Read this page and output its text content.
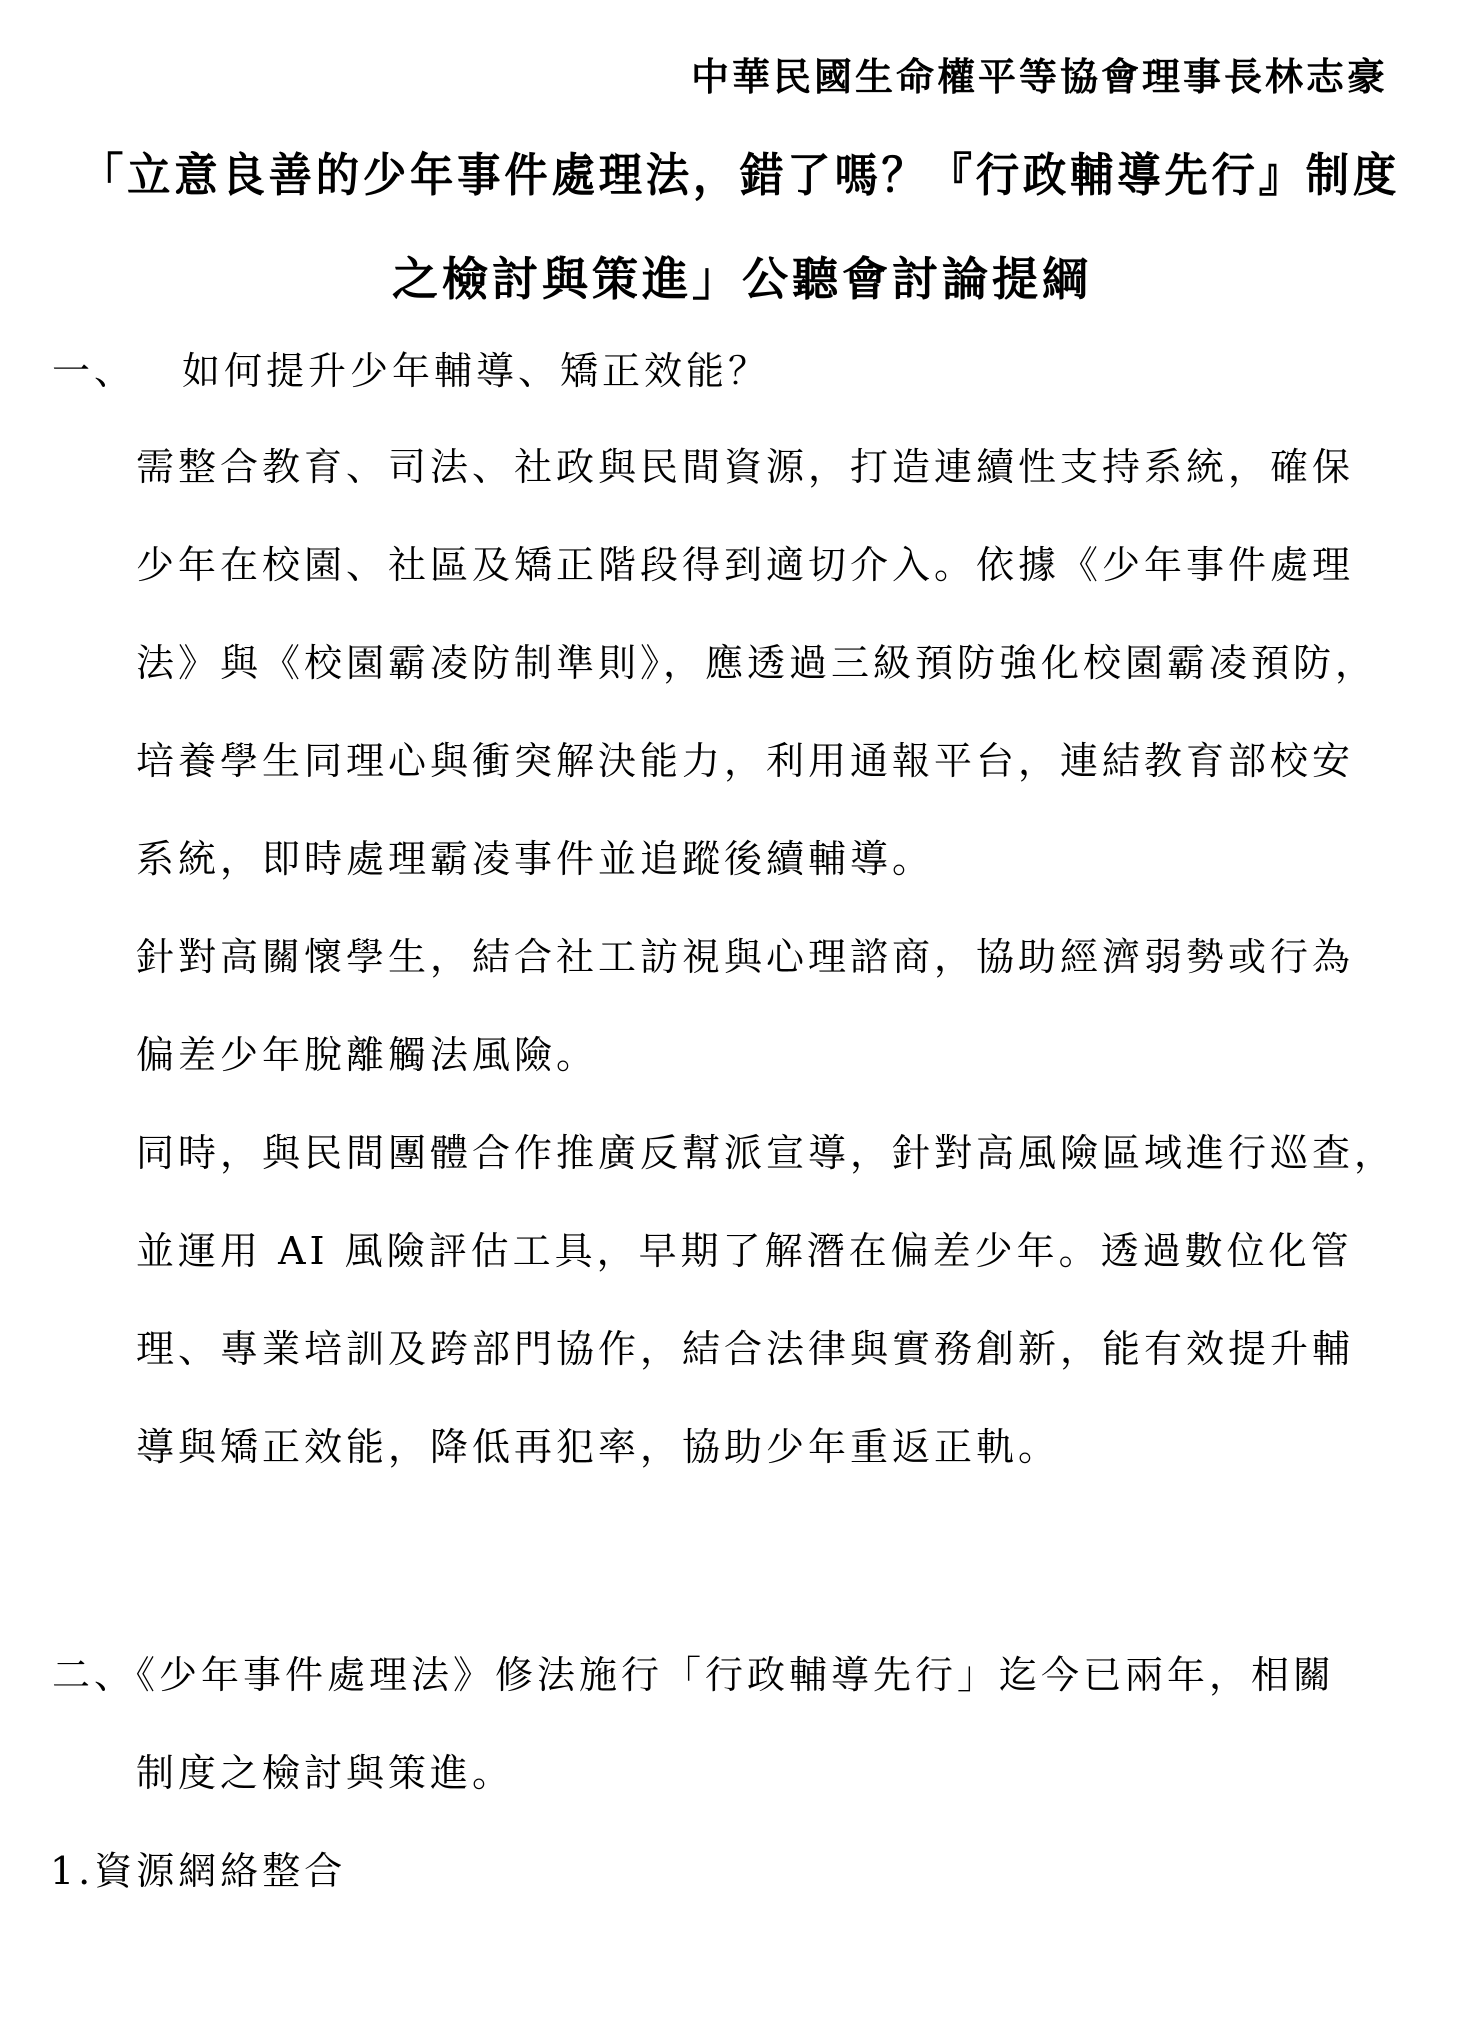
中華民國生命權平等協會理事長林志豪
「立意良善的少年事件處理法，錯了嗎？『行政輔導先行』制度
之檢討與策進」公聽會討論提綱
一、 如何提升少年輔導、矯正效能？
需整合教育、司法、社政與民間資源，打造連續性支持系統，確保
少年在校園、社區及矯正階段得到適切介入。依據《少年事件處理
法》與《校園霸凌防制準則》，應透過三級預防強化校園霸凌預防，
培養學生同理心與衝突解決能力，利用通報平台，連結教育部校安
系統，即時處理霸凌事件並追蹤後續輔導。
針對高關懷學生，結合社工訪視與心理諮商，協助經濟弱勢或行為
偏差少年脫離觸法風險。
同時，與民間團體合作推廣反幫派宣導，針對高風險區域進行巡查，
並運用 AI 風險評估工具，早期了解潛在偏差少年。透過數位化管
理、專業培訓及跨部門協作，結合法律與實務創新，能有效提升輔
導與矯正效能，降低再犯率，協助少年重返正軌。
二、《少年事件處理法》修法施行「行政輔導先行」迄今已兩年，相關
制度之檢討與策進。
1.資源網絡整合
